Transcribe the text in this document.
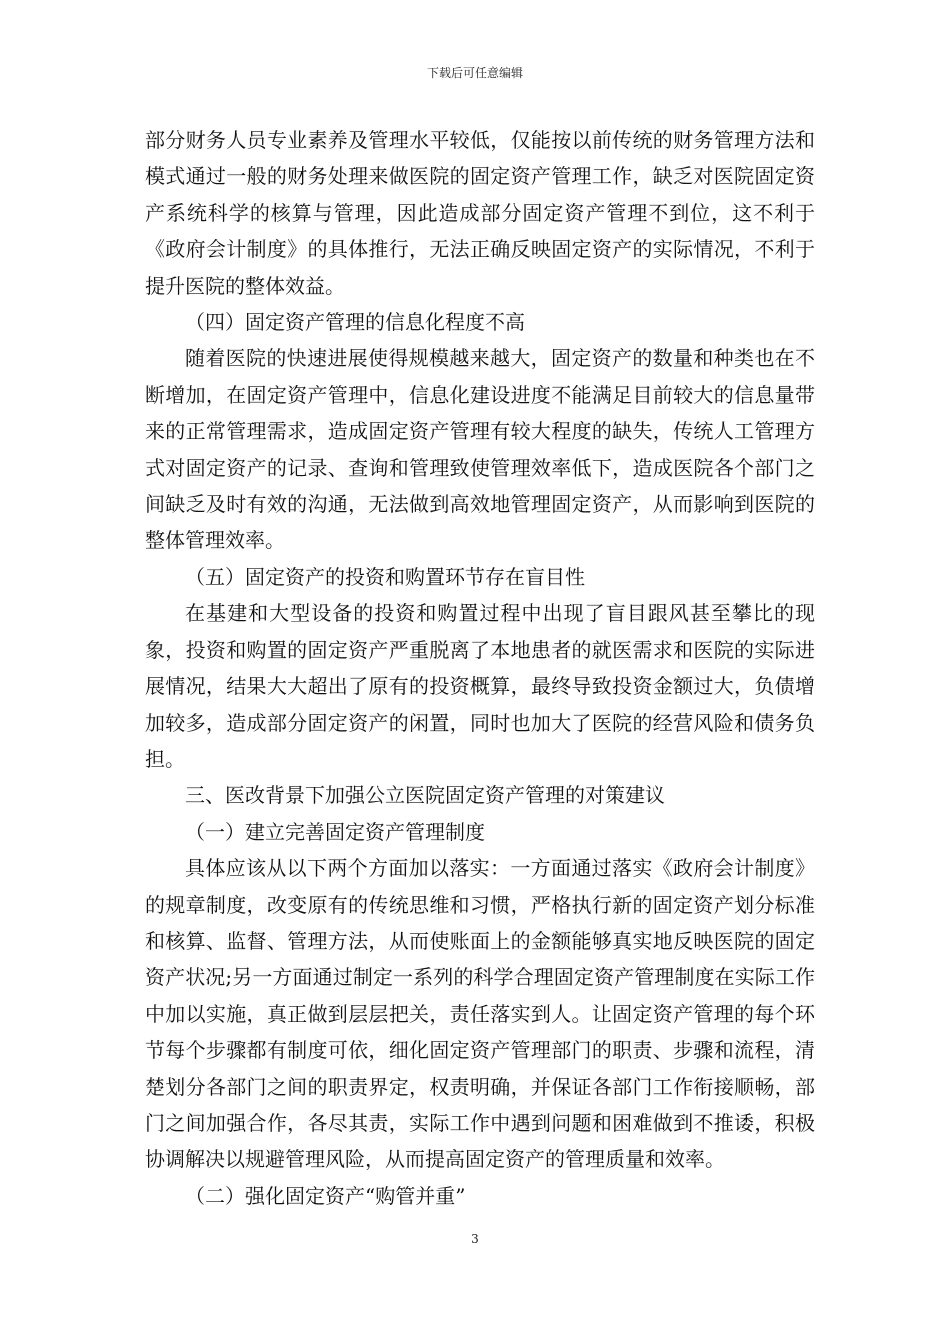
下载后可任意编辑

部分财务人员专业素养及管理水平较低，仅能按以前传统的财务管理方法和模式通过一般的财务处理来做医院的固定资产管理工作，缺乏对医院固定资产系统科学的核算与管理，因此造成部分固定资产管理不到位，这不利于《政府会计制度》的具体推行，无法正确反映固定资产的实际情况，不利于提升医院的整体效益。

（四）固定资产管理的信息化程度不高

随着医院的快速进展使得规模越来越大，固定资产的数量和种类也在不断增加，在固定资产管理中，信息化建设进度不能满足目前较大的信息量带来的正常管理需求，造成固定资产管理有较大程度的缺失，传统人工管理方式对固定资产的记录、查询和管理致使管理效率低下，造成医院各个部门之间缺乏及时有效的沟通，无法做到高效地管理固定资产，从而影响到医院的整体管理效率。

（五）固定资产的投资和购置环节存在盲目性

在基建和大型设备的投资和购置过程中出现了盲目跟风甚至攀比的现象，投资和购置的固定资产严重脱离了本地患者的就医需求和医院的实际进展情况，结果大大超出了原有的投资概算，最终导致投资金额过大，负债增加较多，造成部分固定资产的闲置，同时也加大了医院的经营风险和债务负担。

三、医改背景下加强公立医院固定资产管理的对策建议

（一）建立完善固定资产管理制度

具体应该从以下两个方面加以落实：一方面通过落实《政府会计制度》的规章制度，改变原有的传统思维和习惯，严格执行新的固定资产划分标准和核算、监督、管理方法，从而使账面上的金额能够真实地反映医院的固定资产状况;另一方面通过制定一系列的科学合理固定资产管理制度在实际工作中加以实施，真正做到层层把关，责任落实到人。让固定资产管理的每个环节每个步骤都有制度可依，细化固定资产管理部门的职责、步骤和流程，清楚划分各部门之间的职责界定，权责明确，并保证各部门工作衔接顺畅，部门之间加强合作，各尽其责，实际工作中遇到问题和困难做到不推诿，积极协调解决以规避管理风险，从而提高固定资产的管理质量和效率。

（二）强化固定资产“购管并重”

3
